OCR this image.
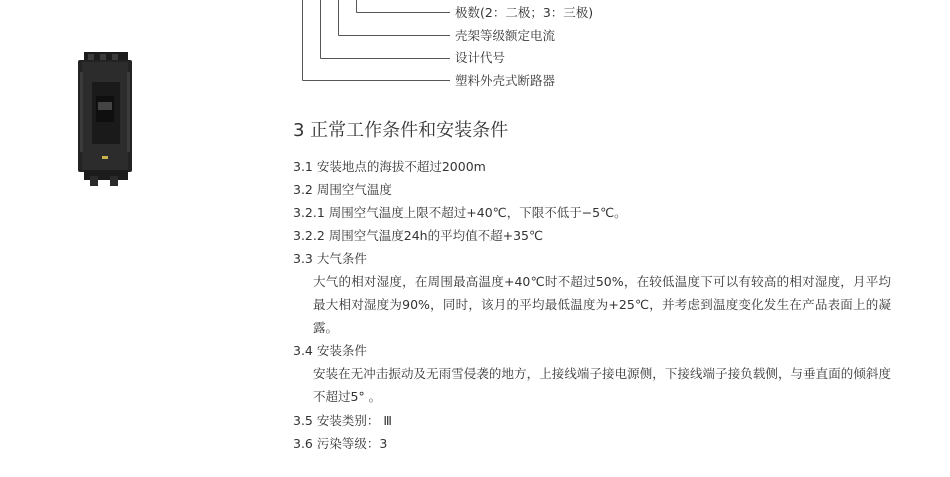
极数(2：二极；3：三极)
壳架等级额定电流
设计代号
塑料外壳式断路器
3 正常工作条件和安装条件
3.1 安装地点的海拔不超过2000m
3.2 周围空气温度
3.2.1 周围空气温度上限不超过+40℃，下限不低于−5℃。
3.2.2 周围空气温度24h的平均值不超+35℃
3.3 大气条件
大气的相对湿度，在周围最高温度+40℃时不超过50%，在较低温度下可以有较高的相对湿度，月平均最大相对湿度为90%，同时，该月的平均最低温度为+25℃，并考虑到温度变化发生在产品表面上的凝露。
3.4 安装条件
安装在无冲击振动及无雨雪侵袭的地方，上接线端子接电源侧，下接线端子接负载侧，与垂直面的倾斜度不超过5° 。
3.5 安装类别： Ⅲ
3.6 污染等级：3
